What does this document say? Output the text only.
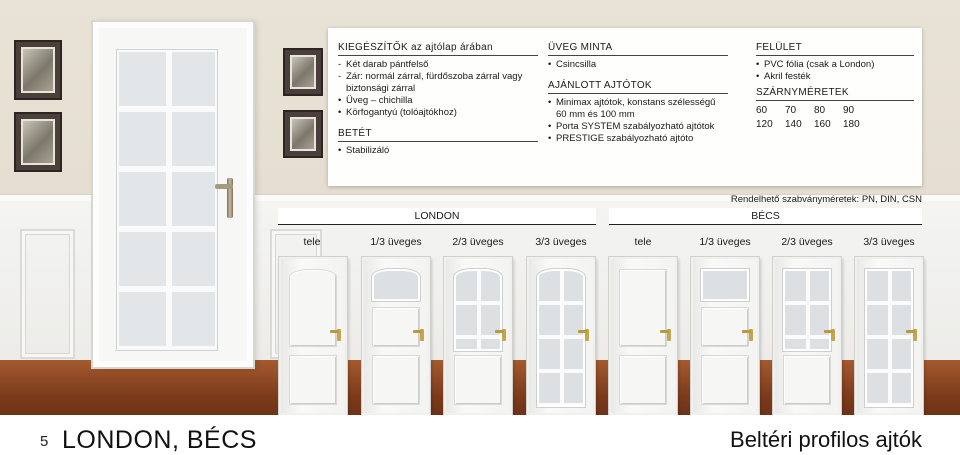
KIEGÉSZÍTŐK az ajtólap árában
- Két darab pántfelső
- Zár: normál zárral, fürdőszoba zárral vagy biztonsági zárral
• Üveg – chichilla
• Körfogantyú (tolóajtókhoz)
BETÉT
• Stabilizáló
ÜVEG MINTA
• Csincsilla
AJÁNLOTT AJTÓTOK
• Minimax ajtótok, konstans szélességű 60 mm és 100 mm
• Porta SYSTEM szabályozható ajtótok
• PRESTIGE szabályozható ajtóto
FELÜLET
• PVC fólia (csak a London)
• Akril festék
SZÁRNYMÉRETEK
60	70	80	90
120	140	160	180
Rendelhető szabványméretek: PN, DIN, CSN
LONDON	BÉCS
tele	1/3 üveges	2/3 üveges	3/3 üveges	tele	1/3 üveges	2/3 üveges	3/3 üveges
5 LONDON, BÉCS	Beltéri profilos ajtók
